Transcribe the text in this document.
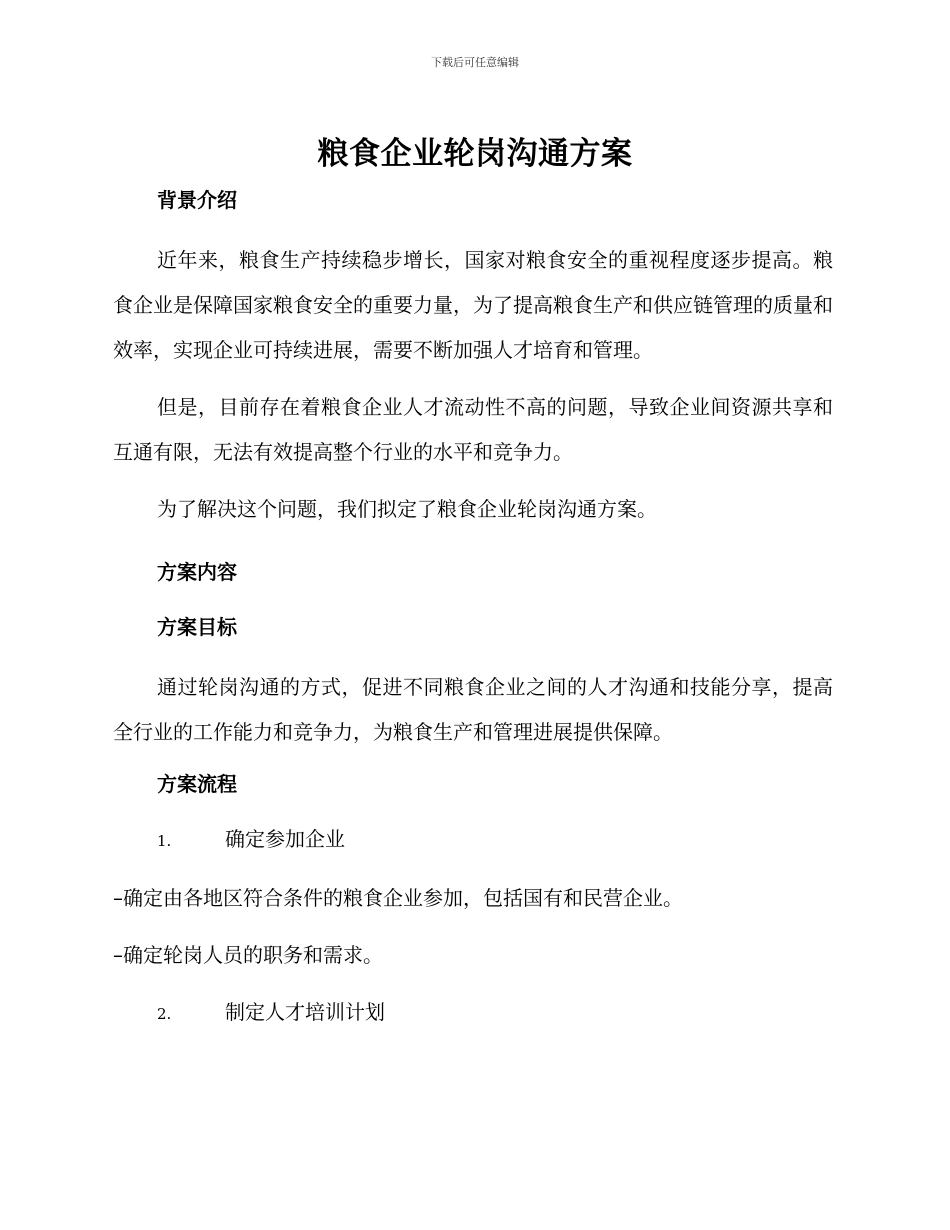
下载后可任意编辑
粮食企业轮岗沟通方案
背景介绍
近年来，粮食生产持续稳步增长，国家对粮食安全的重视程度逐步提高。粮食企业是保障国家粮食安全的重要力量，为了提高粮食生产和供应链管理的质量和效率，实现企业可持续进展，需要不断加强人才培育和管理。
但是，目前存在着粮食企业人才流动性不高的问题，导致企业间资源共享和互通有限，无法有效提高整个行业的水平和竞争力。
为了解决这个问题，我们拟定了粮食企业轮岗沟通方案。
方案内容
方案目标
通过轮岗沟通的方式，促进不同粮食企业之间的人才沟通和技能分享，提高全行业的工作能力和竞争力，为粮食生产和管理进展提供保障。
方案流程
1.	确定参加企业
–确定由各地区符合条件的粮食企业参加，包括国有和民营企业。
–确定轮岗人员的职务和需求。
2.	制定人才培训计划
